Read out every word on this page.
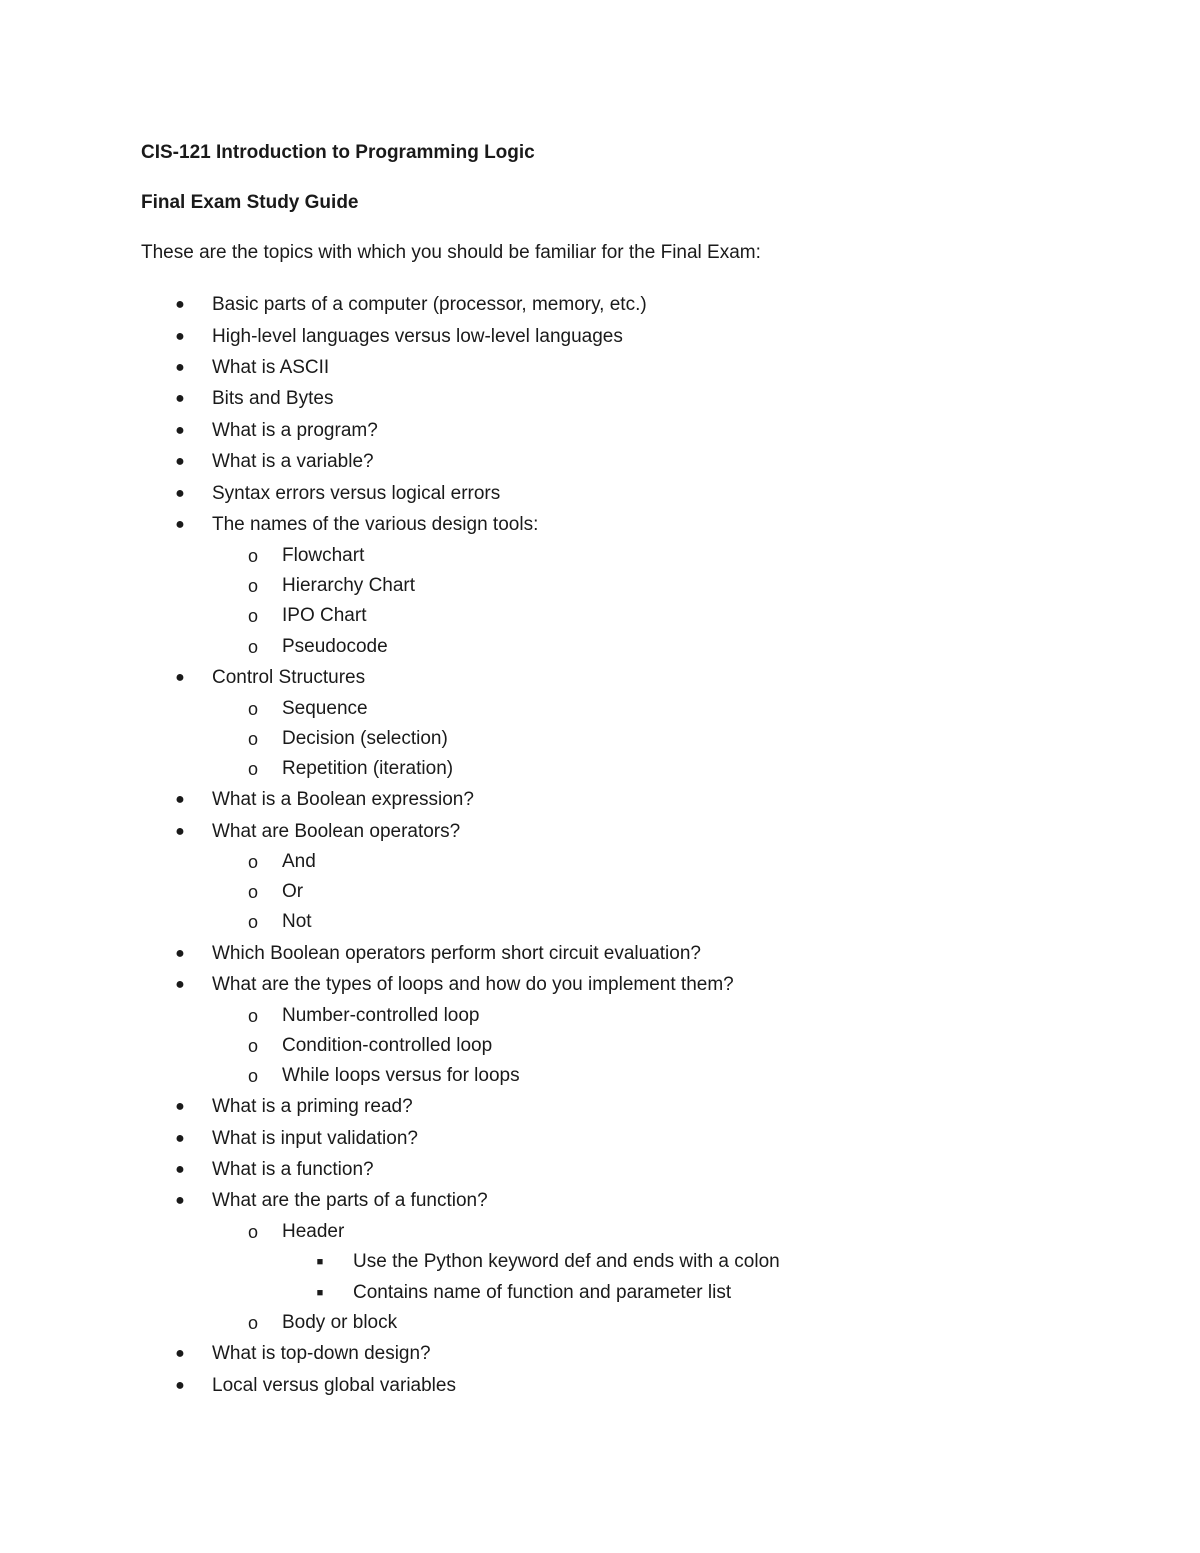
CIS-121 Introduction to Programming Logic
Final Exam Study Guide
These are the topics with which you should be familiar for the Final Exam:
● Basic parts of a computer (processor, memory, etc.)
● High-level languages versus low-level languages
● What is ASCII
● Bits and Bytes
● What is a program?
● What is a variable?
● Syntax errors versus logical errors
● The names of the various design tools:
o Flowchart
o Hierarchy Chart
o IPO Chart
o Pseudocode
● Control Structures
o Sequence
o Decision (selection)
o Repetition (iteration)
● What is a Boolean expression?
● What are Boolean operators?
o And
o Or
o Not
● Which Boolean operators perform short circuit evaluation?
● What are the types of loops and how do you implement them?
o Number-controlled loop
o Condition-controlled loop
o While loops versus for loops
● What is a priming read?
● What is input validation?
● What is a function?
● What are the parts of a function?
o Header
■	Use the Python keyword def and ends with a colon
■	Contains name of function and parameter list
o Body or block
● What is top-down design?
● Local versus global variables
